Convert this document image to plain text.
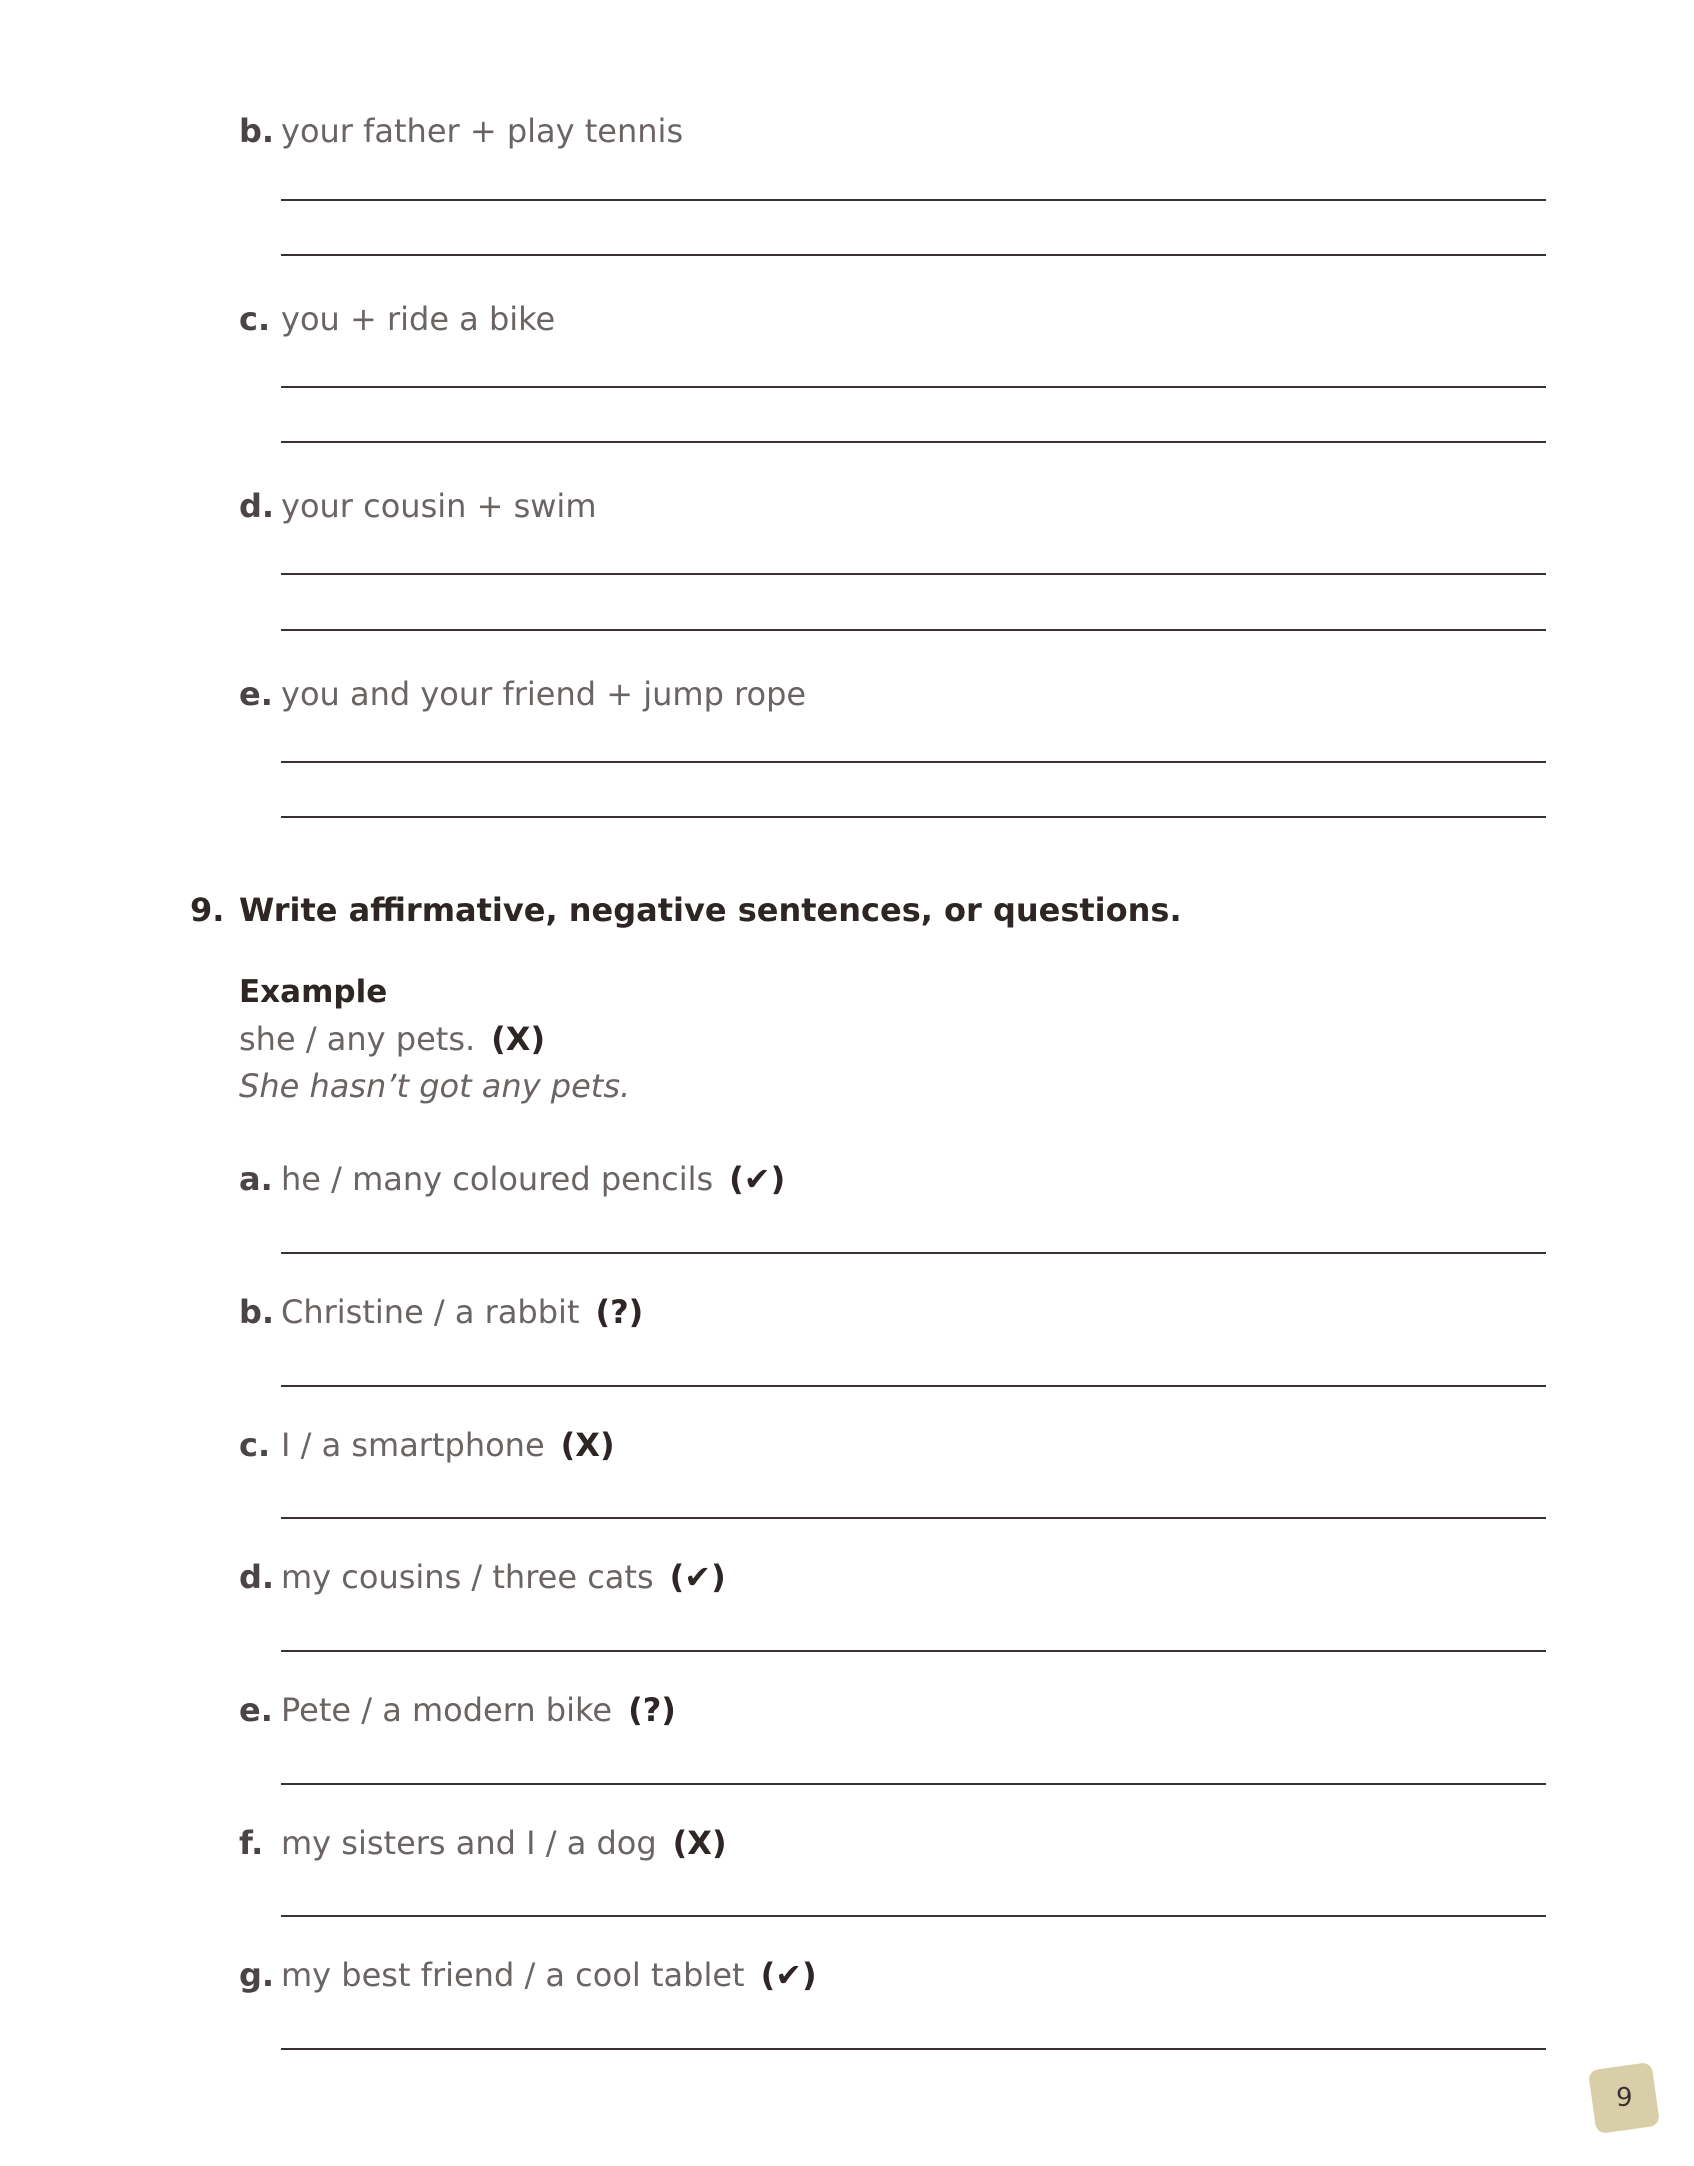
b. your father + play tennis
c. you + ride a bike
d. your cousin + swim
e. you and your friend + jump rope
9. Write affirmative, negative sentences, or questions.
Example
she / any pets. (X)
She hasn’t got any pets.
a. he / many coloured pencils (✔)
b. Christine / a rabbit (?)
c. I / a smartphone (X)
d. my cousins / three cats (✔)
e. Pete / a modern bike (?)
f. my sisters and I / a dog (X)
g. my best friend / a cool tablet (✔)
9
